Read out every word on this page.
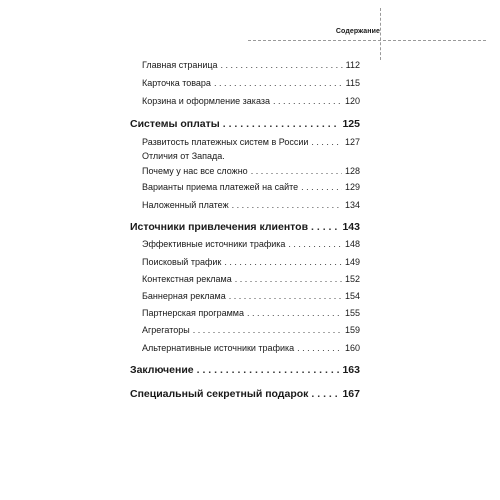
Содержание
Главная страница . . .	112
Карточка товара . . .	115
Корзина и оформление заказа . . .	120
Системы оплаты . . .	125
Развитость платежных систем в России . . .	127
Отличия от Запада.
Почему у нас все сложно . . .	128
Варианты приема платежей на сайте . . .	129
Наложенный платеж . . .	134
Источники привлечения клиентов . . .	143
Эффективные источники трафика . . .	148
Поисковый трафик . . .	149
Контекстная реклама . . .	152
Баннерная реклама . . .	154
Партнерская программа . . .	155
Агрегаторы . . .	159
Альтернативные источники трафика . . .	160
Заключение . . .	163
Специальный секретный подарок . . .	167
